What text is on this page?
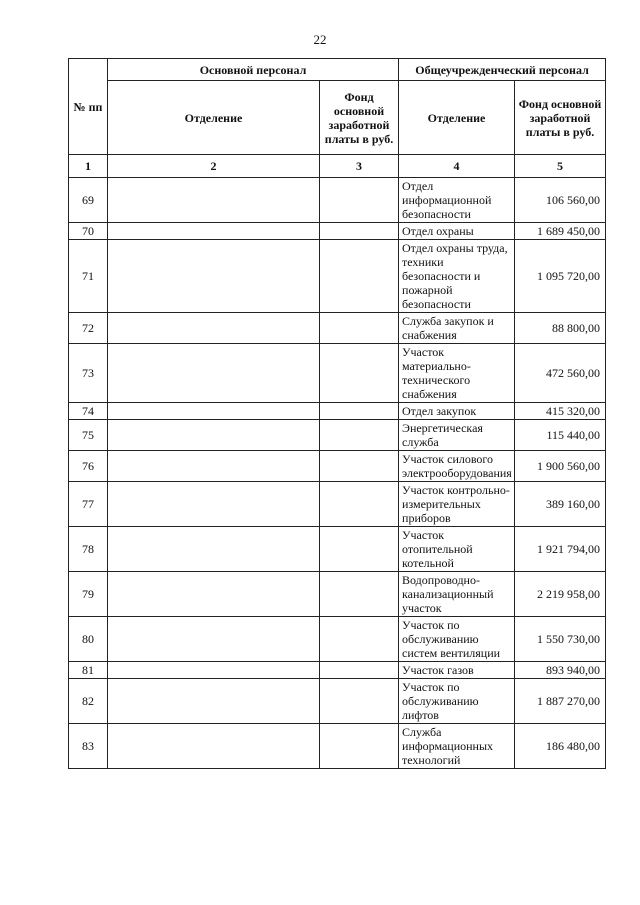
22
№ пп	Основной персонал		Общеучрежденческий персонал	
	Отделение	Фонд основной заработной платы в руб.	Отделение	Фонд основной заработной платы в руб.
1	2	3	4	5
69			Отдел информационной безопасности	106 560,00
70			Отдел охраны	1 689 450,00
71			Отдел охраны труда, техники безопасности и пожарной безопасности	1 095 720,00
72			Служба закупок и снабжения	88 800,00
73			Участок материально-технического снабжения	472 560,00
74			Отдел закупок	415 320,00
75			Энергетическая служба	115 440,00
76			Участок силового электрооборудования	1 900 560,00
77			Участок контрольно-измерительных приборов	389 160,00
78			Участок отопительной котельной	1 921 794,00
79			Водопроводно-канализационный участок	2 219 958,00
80			Участок по обслуживанию систем вентиляции	1 550 730,00
81			Участок газов	893 940,00
82			Участок по обслуживанию лифтов	1 887 270,00
83			Служба информационных технологий	186 480,00
